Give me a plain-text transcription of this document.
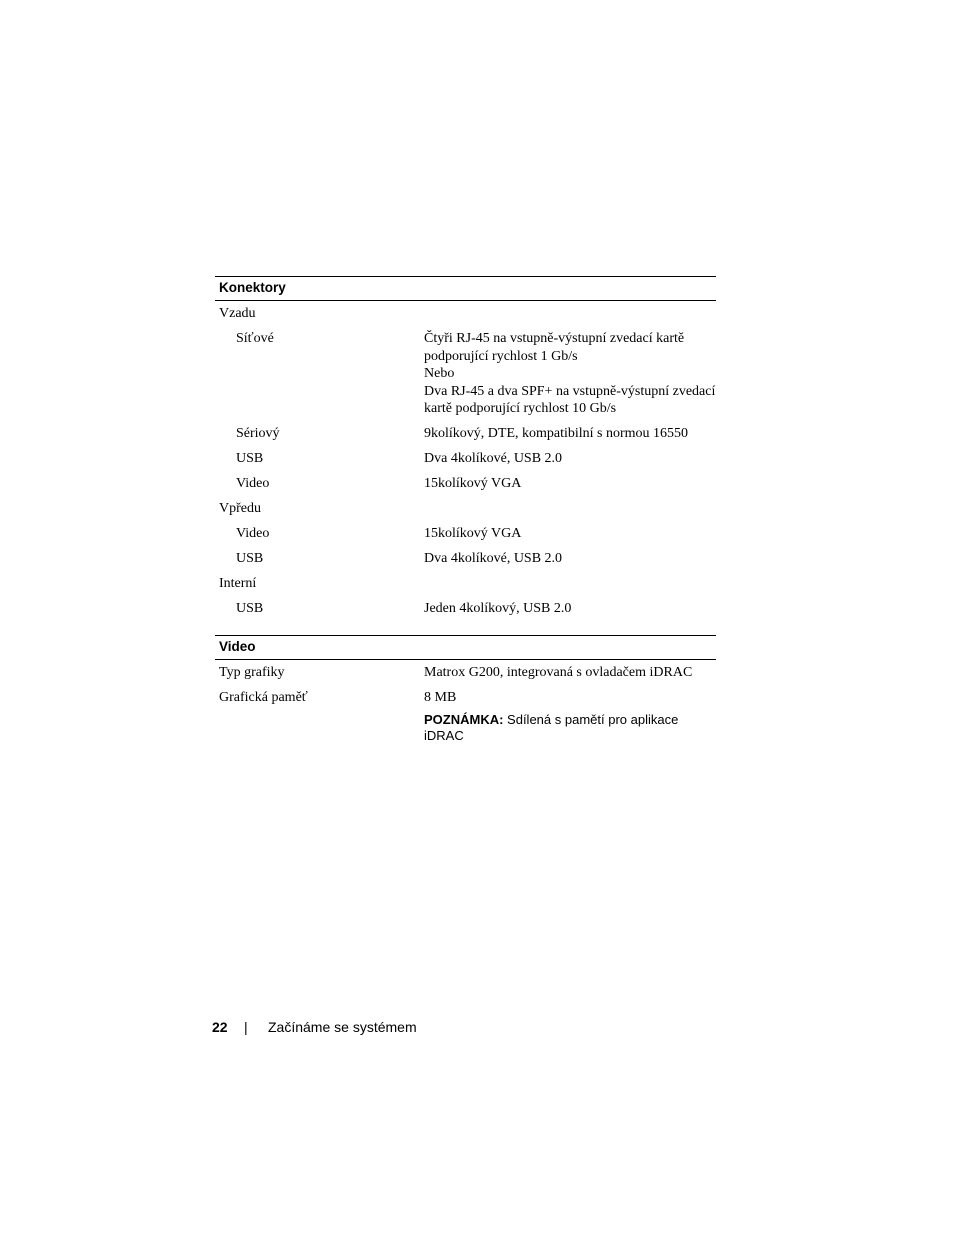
Konektory
Vzadu
Síťové	Čtyři RJ-45 na vstupně-výstupní zvedací kartě
podporující rychlost 1 Gb/s
Nebo
Dva RJ-45 a dva SPF+ na vstupně-výstupní zvedací
kartě podporující rychlost 10 Gb/s
Sériový	9kolíkový, DTE, kompatibilní s normou 16550
USB	Dva 4kolíkové, USB 2.0
Video	15kolíkový VGA
Vpředu
Video	15kolíkový VGA
USB	Dva 4kolíkové, USB 2.0
Interní
USB	Jeden 4kolíkový, USB 2.0
Video
Typ grafiky	Matrox G200, integrovaná s ovladačem iDRAC
Grafická paměť	8 MB
POZNÁMKA: Sdílená s pamětí pro aplikace
iDRAC
22	|	Začínáme se systémem
